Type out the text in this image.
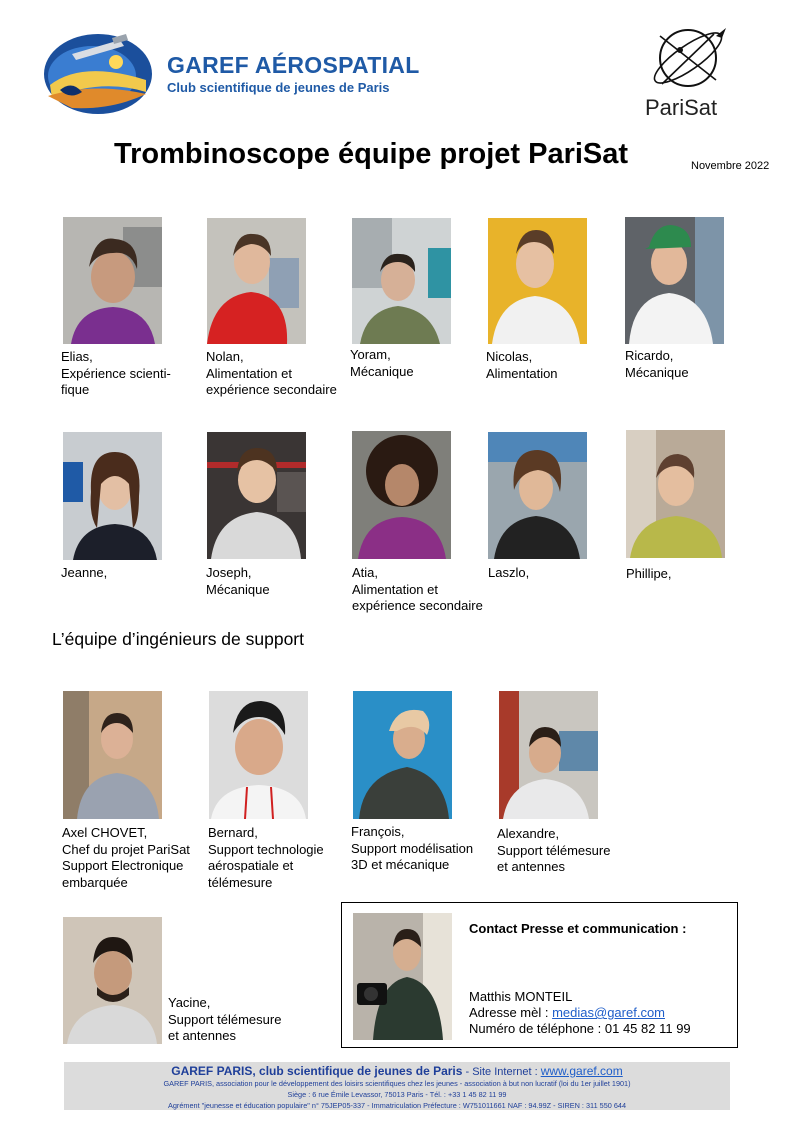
GAREF AÉROSPATIAL
Club scientifique de jeunes de Paris
PariSat
Trombinoscope équipe projet PariSat	Novembre 2022
Elias,
Expérience scienti-
fique
Nolan,
Alimentation et
expérience secondaire
Yoram,
Mécanique
Nicolas,
Alimentation
Ricardo,
Mécanique
Jeanne,	Joseph,
Mécanique
Atia,
Alimentation et
expérience secondaire
Laszlo,	Phillipe,
L’équipe d’ingénieurs de support
Axel CHOVET,
Chef du projet PariSat
Support Electronique
embarquée
Bernard,
Support technologie
aérospatiale et
télémesure
François,
Support modélisation
3D et mécanique
Alexandre,
Support télémesure
et antennes
Yacine,
Support télémesure
et antennes
Contact Presse et communication :
Matthis MONTEIL
Adresse mèl : medias@garef.com
Numéro de téléphone : 01 45 82 11 99
GAREF PARIS, club scientifique de jeunes de Paris - Site Internet : www.garef.com
GAREF PARIS, association pour le développement des loisirs scientifiques chez les jeunes - association à but non lucratif (loi du 1er juillet 1901)
Siège : 6 rue Émile Levassor, 75013 Paris - Tél. : +33 1 45 82 11 99
Agrément "jeunesse et éducation populaire" n° 75JEP05-337 - Immatriculation Préfecture : W751011661 NAF : 94.99Z - SIREN : 311 550 644
